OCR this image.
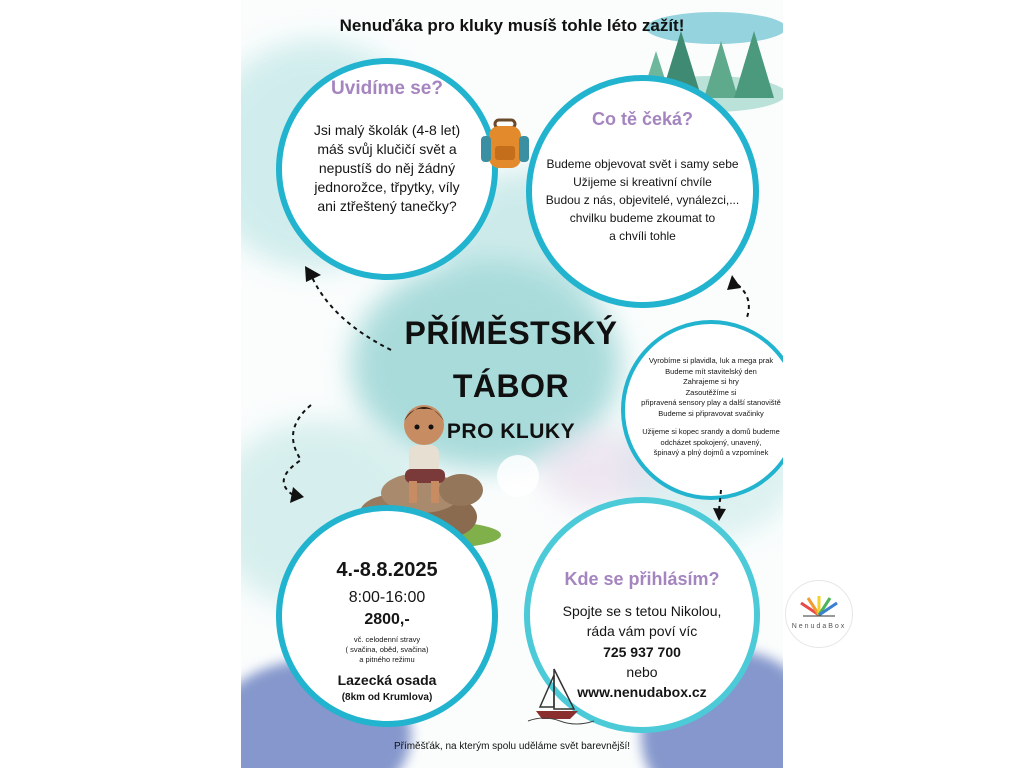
Nenuďáka pro kluky musíš tohle léto zažít!
Uvidíme se?
Jsi malý školák (4-8 let)
máš svůj klučičí svět a
nepustíš do něj žádný
jednorožce, třpytky, víly
ani ztřeštený tanečky?
Co tě čeká?
Budeme objevovat svět i samy sebe
Užijeme si kreativní chvíle
Budou z nás, objevitelé, vynálezci,...
chvilku budeme zkoumat to
a chvíli tohle
PŘÍMĚSTSKÝ
TÁBOR
PRO KLUKY
Vyrobíme si plavidla, luk a mega prak
Budeme mít stavitelský den
Zahrajeme si hry
Zasoutěžíme si
připravená sensory play a další stanoviště
Budeme si připravovat svačinky
Užijeme si kopec srandy a domů budeme
odcházet spokojený, unavený,
špinavý a plný dojmů a vzpomínek
4.-8.8.2025
8:00-16:00
2800,-
vč. celodenní stravy
( svačina, oběd, svačina)
a pitného režimu
Lazecká osada
(8km od Krumlova)
Kde se přihlásím?
Spojte se s tetou Nikolou,
ráda vám poví víc
725 937 700
nebo
www.nenudabox.cz
Příměšťák, na kterým spolu uděláme svět barevnější!
NenudaBox
